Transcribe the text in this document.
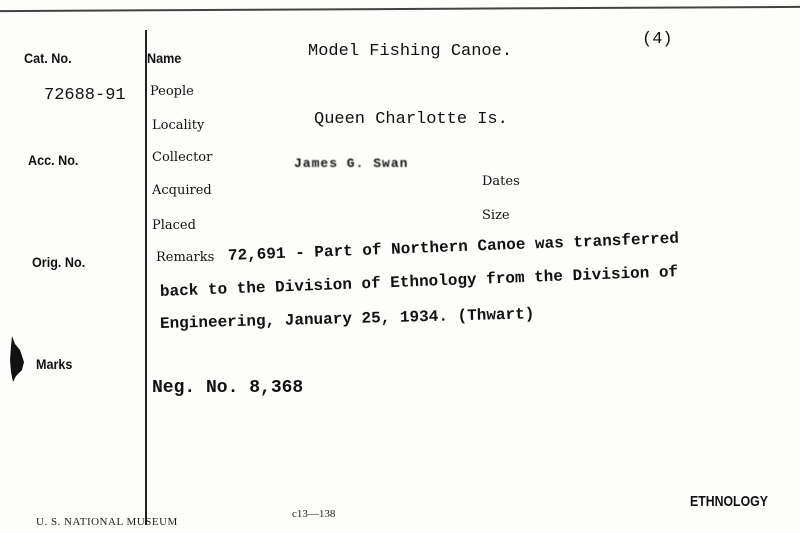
Cat. No.
Acc. No.
Orig. No.
Marks
Name
People
Locality
Collector
Acquired
Placed
Remarks
Dates
Size
72688-91
Model Fishing Canoe.
(4)
Queen Charlotte Is.
James G. Swan
72,691 - Part of Northern Canoe was transferred
back to the Division of Ethnology from the Division of
Engineering, January 25, 1934. (Thwart)
Neg. No. 8,368
U. S. NATIONAL MUSEUM
c13—138
ETHNOLOGY
